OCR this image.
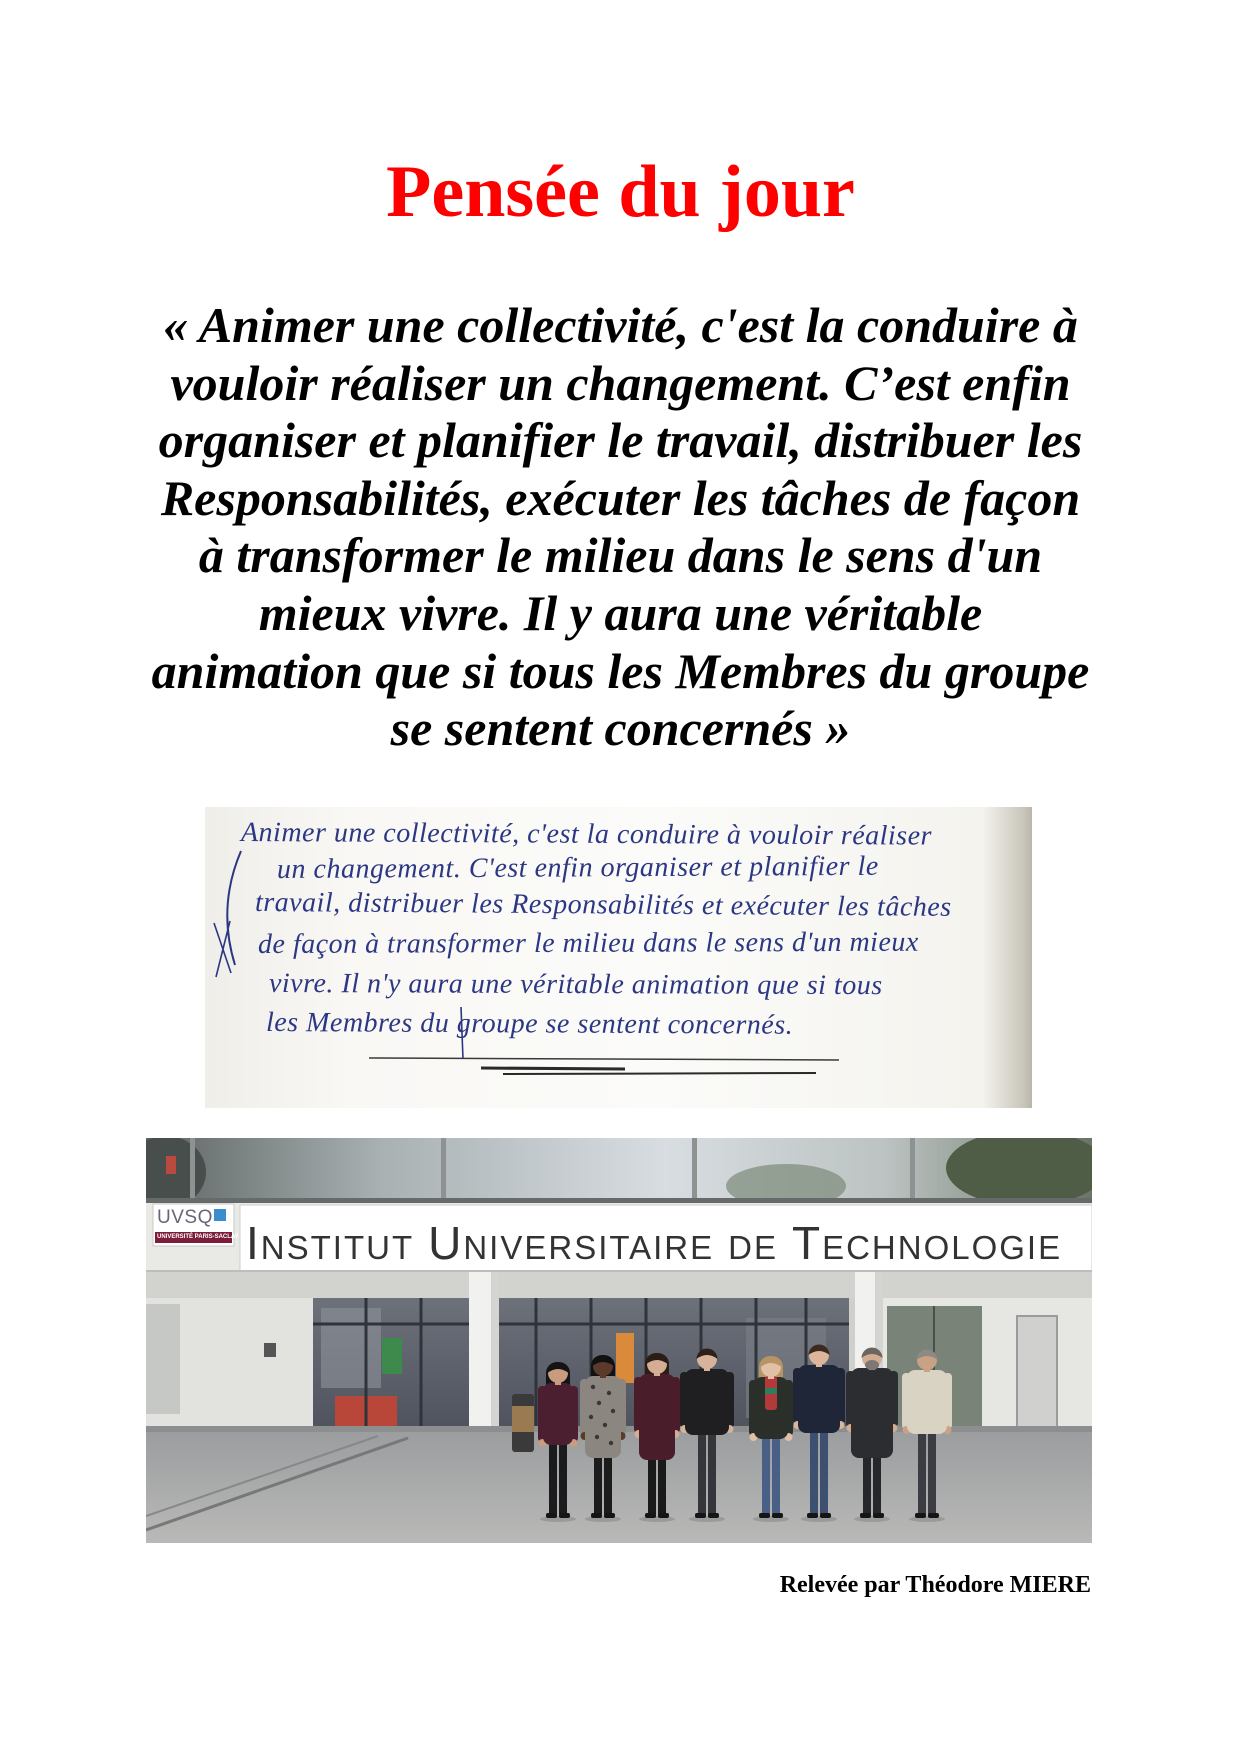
Pensée du jour
« Animer une collectivité, c'est la conduire à
vouloir réaliser un changement. C’est enfin
organiser et planifier le travail, distribuer les
Responsabilités, exécuter les tâches de façon
à transformer le milieu dans le sens d'un
mieux vivre. Il y aura une véritable
animation que si tous les Membres du groupe
se sentent concernés »
Animer une collectivité, c'est la conduire à vouloir réaliser
un changement. C'est enfin organiser et planifier le
travail, distribuer les Responsabilités et exécuter les tâches
de façon à transformer le milieu dans le sens d'un mieux
vivre. Il n'y aura une véritable animation que si tous
les Membres du groupe se sentent concernés.
UVSQ
UNIVERSITÉ PARIS-SACLAY INSTITUT UNIVERSITAIRE DE TECHNOLOGIE
Relevée par Théodore MIERE
